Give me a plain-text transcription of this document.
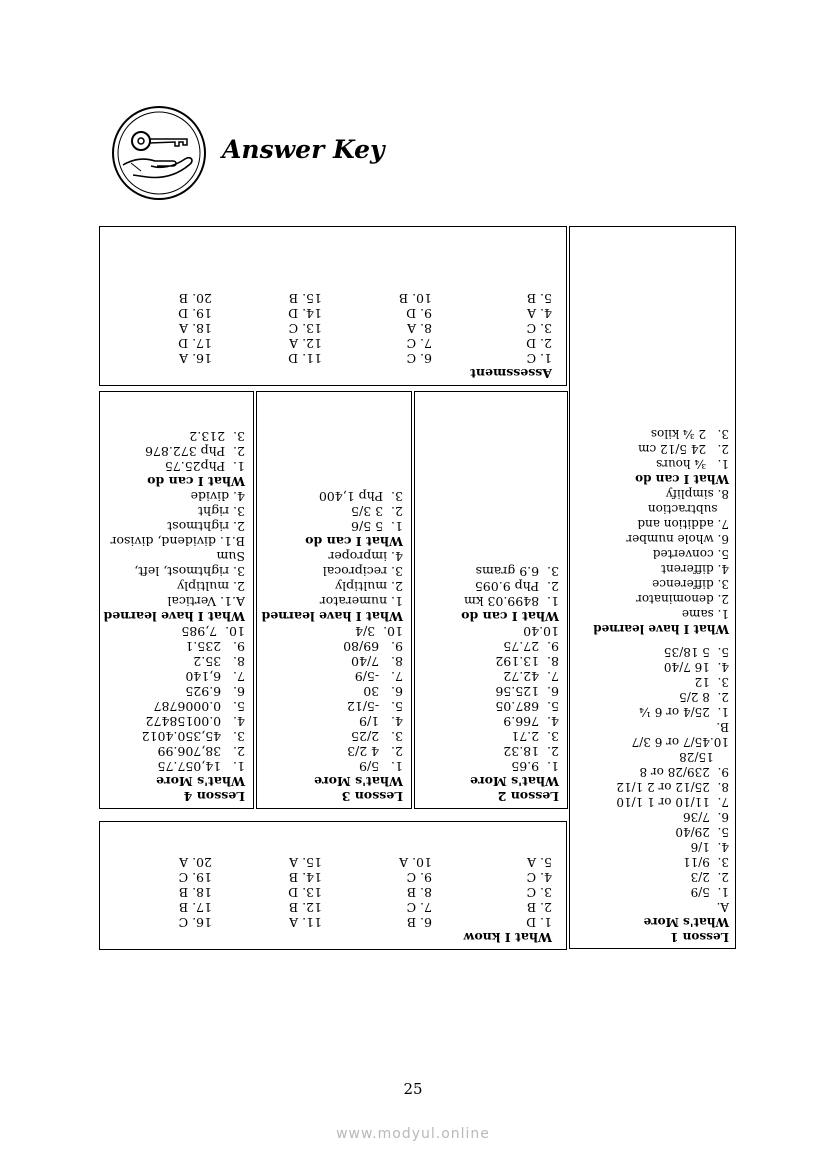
Answer Key
What I know
1. D
2. B
3. C
4. C
5. A
6. B
7. C
8. B
9. C
10. A
11. A
12. B
13. D
14. B
15. A
16. C
17. B
18. B
19. C
20. A
Assessment
1. C
2. D
3. C
4. A
5. B
6. C
7. C
8. A
9. D
10. B
11. D
12. A
13. C
14. D
15. B
16. A
17. D
18. A
19. D
20. B
Lesson 1
What's More
A.
1.  5/9
2.  2/3
3.  9/11
4.  1/6
5.  29/40
6.  7/36
7.  11/10 or 1 1/10
8.  25/12 or 2 1/12
9.  239/28 or 8
15/28
10.45/7 or 6 3/7
B.
1.  25/4 or 6 ¼
2.  8 2/5
3.  12
4.  16 7/40
5.  5 18/35
What I have learned
1. same
2. denominator
3. difference
4. different
5. converted
6. whole number
7. addition and
subtraction
8. simplify
What I can do
1.   ¾ hours
2.   24 5/12 cm
3.   2 ¾ kilos
Lesson 2
What's More
1.  9.65
2.  18.32
3.  2.71
4.  766.9
5.  687.05
6.  125.56
7.  42.72
8.  13.192
9.  27.75
10.40
What I can do
1.  8499.03 km
2.  Php 9.095
3.  6.9 grams
Lesson 3
What's More
1.   5/9
2.   4 2/3
3.   2/25
4.   1/9
5.   -5/12
6.   30
7.   -5/9
8.   7/40
9.   69/80
10.  3/4
What I have learned
1. numerator
2. multiply
3. reciprocal
4. improper
What I can do
1.  5 5/6
2.  3 3/5
3.  Php 1,400
Lesson 4
What's More
1.   14,057.75
2.   38,706.99
3.   45,350.4012
4.   0.00158472
5.   0.0006787
6.   6.925
7.   6,140
8.   35.2
9.   235.1
10.  7,985
What I have learned
A.1. Vertical
2. multiply
3. rightmost, left,
Sum
B.1. dividend, divisor
2. rightmost
3. right
4. divide
What I can do
1.  Php25.75
2.  Php 372.876
3.  213.2
25
www.modyul.online
